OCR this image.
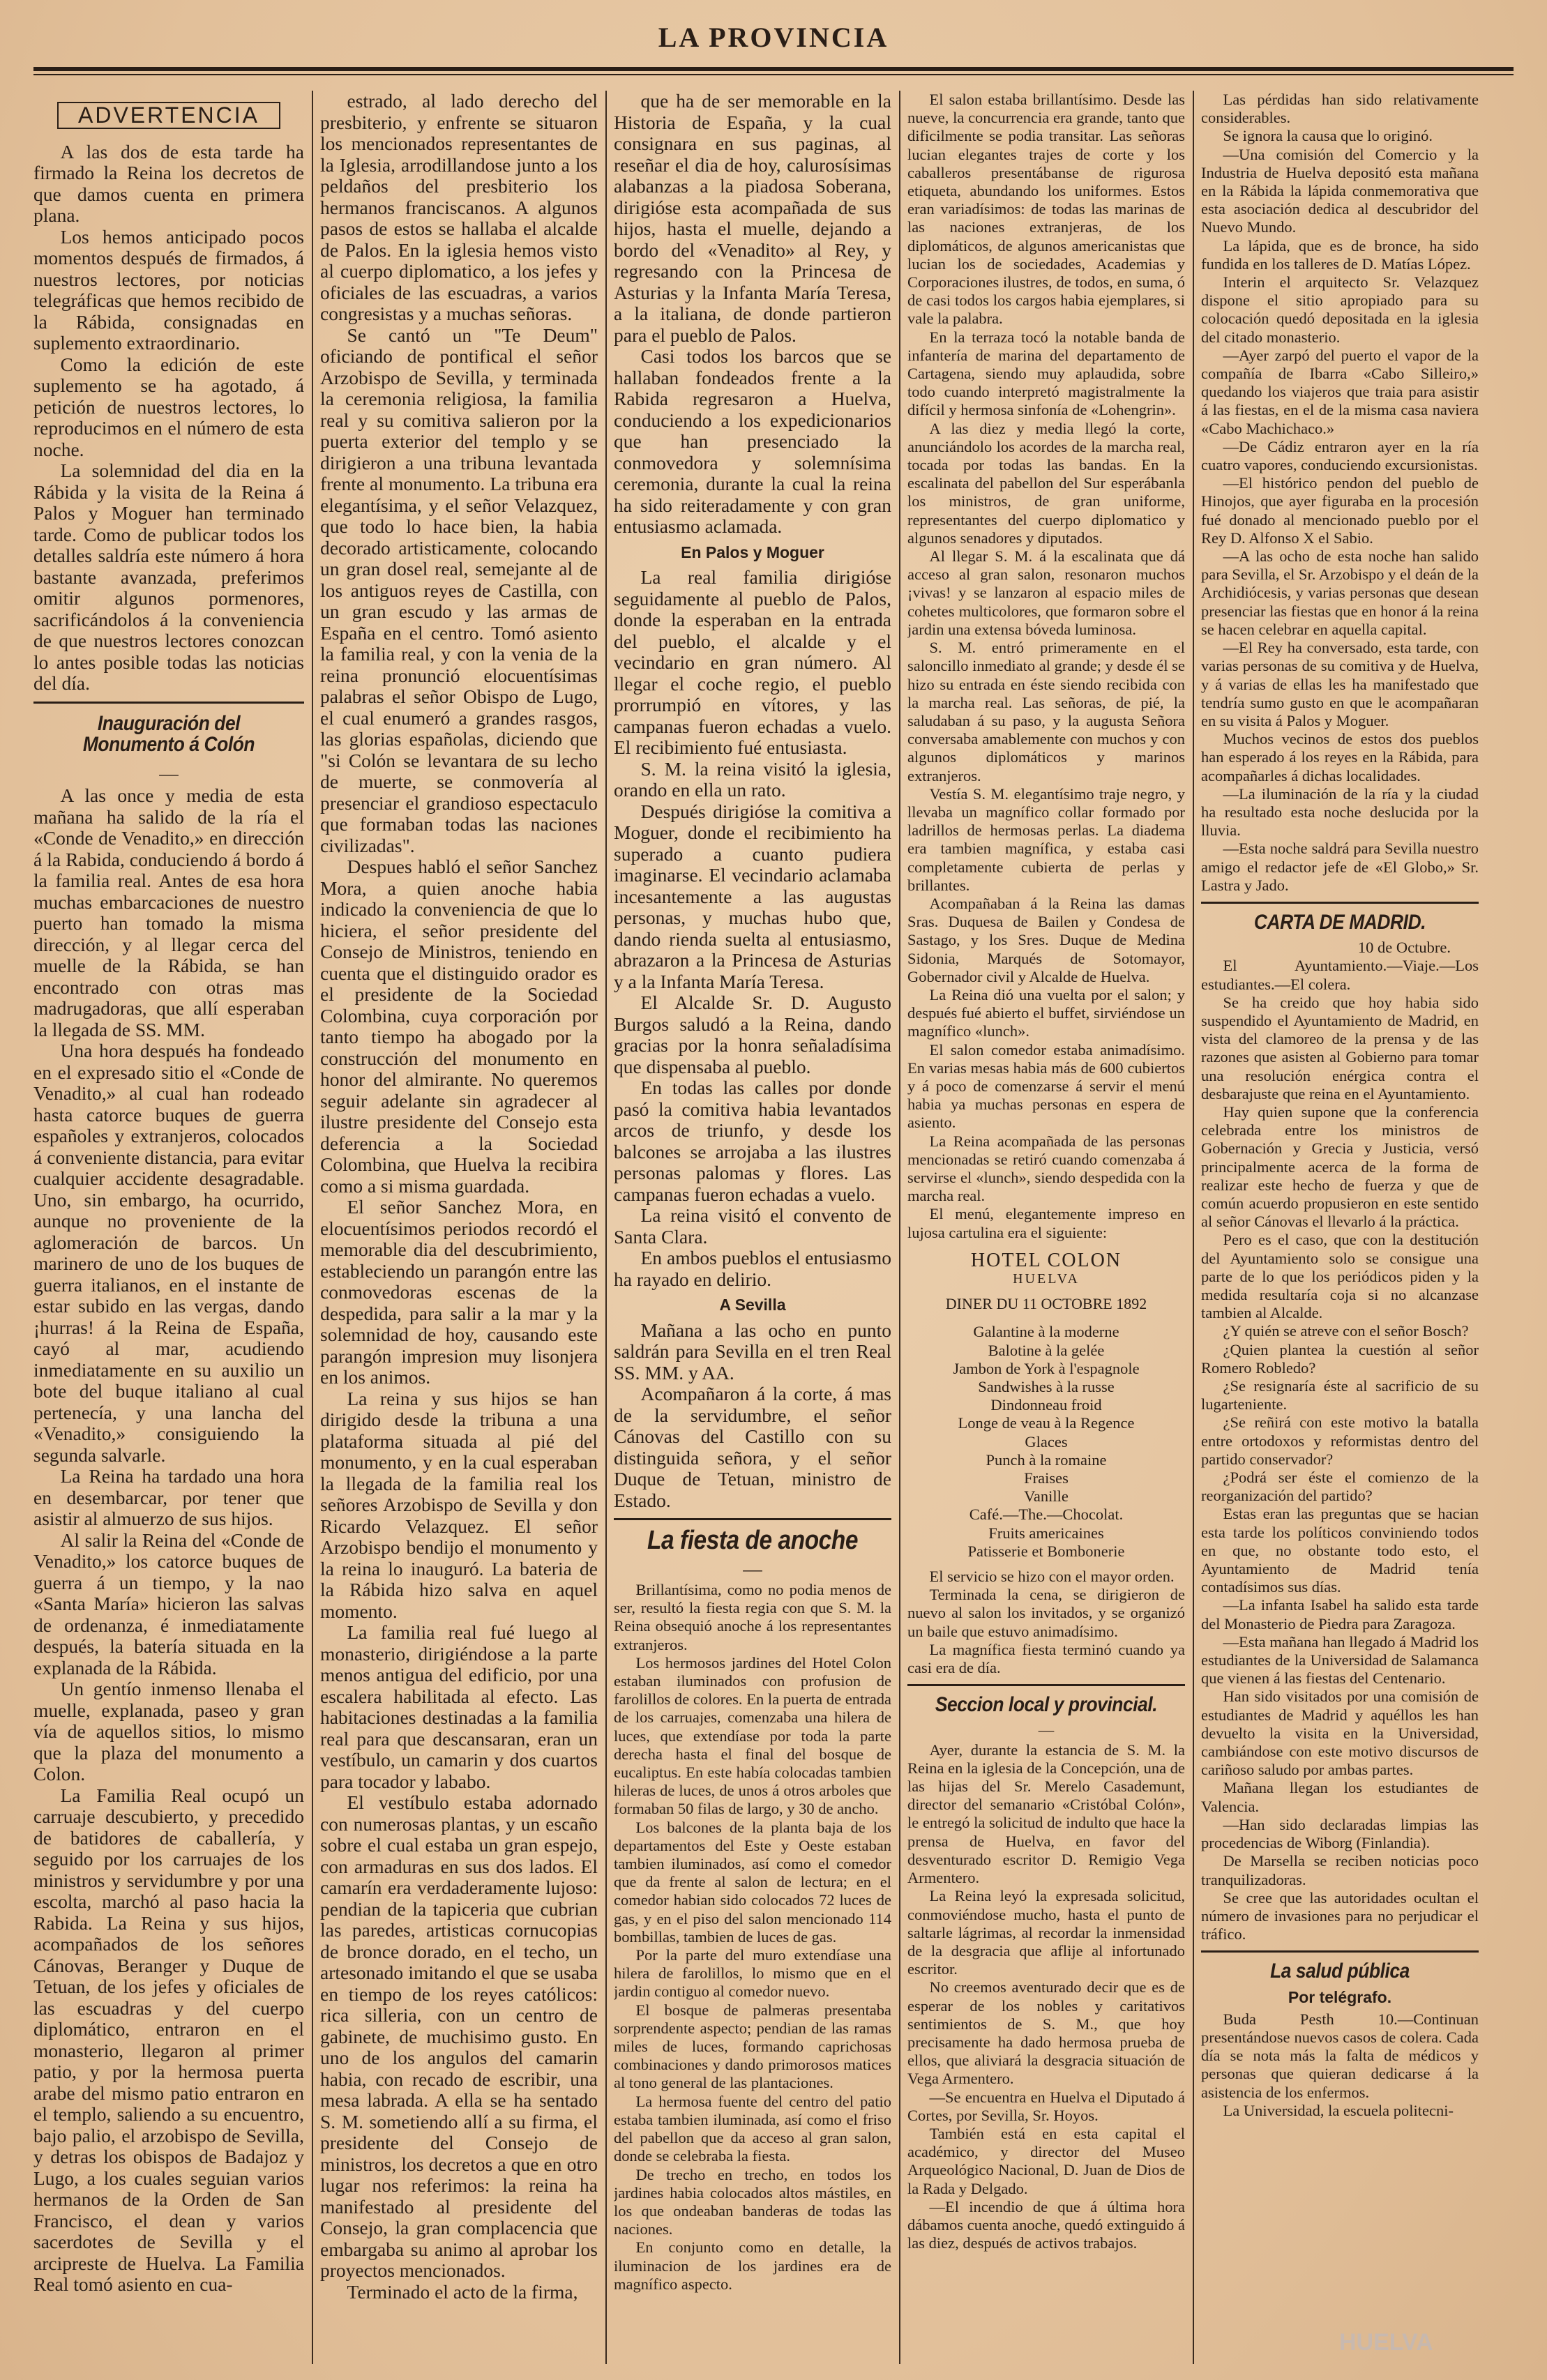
LA PROVINCIA
ADVERTENCIA

A las dos de esta tarde ha firmado la Reina los decretos de que damos cuenta en primera plana.

Los hemos anticipado pocos momentos después de firmados, á nuestros lectores, por noticias telegráficas que hemos recibido de la Rábida, consignadas en suplemento extraordinario.

Como la edición de este suplemento se ha agotado, á petición de nuestros lectores, lo reproducimos en el número de esta noche.

La solemnidad del dia en la Rábida y la visita de la Reina á Palos y Moguer han terminado tarde. Como de publicar todos los detalles saldría este número á hora bastante avanzada, preferimos omitir algunos pormenores, sacrificándolos á la conveniencia de que nuestros lectores conozcan lo antes posible todas las noticias del día.

Inauguración del Monumento á Colón
—

A las once y media de esta mañana ha salido de la ría el «Conde de Venadito,» en dirección á la Rabida, conduciendo á bordo á la familia real. Antes de esa hora muchas embarcaciones de nuestro puerto han tomado la misma dirección, y al llegar cerca del muelle de la Rábida, se han encontrado con otras mas madrugadoras, que allí esperaban la llegada de SS. MM.

Una hora después ha fondeado en el expresado sitio el «Conde de Venadito,» al cual han rodeado hasta catorce buques de guerra españoles y extranjeros, colocados á conveniente distancia, para evitar cualquier accidente desagradable. Uno, sin embargo, ha ocurrido, aunque no proveniente de la aglomeración de barcos. Un marinero de uno de los buques de guerra italianos, en el instante de estar subido en las vergas, dando ¡hurras! á la Reina de España, cayó al mar, acudiendo inmediatamente en su auxilio un bote del buque italiano al cual pertenecía, y una lancha del «Venadito,» consiguiendo la segunda salvarle.

La Reina ha tardado una hora en desembarcar, por tener que asistir al almuerzo de sus hijos.

Al salir la Reina del «Conde de Venadito,» los catorce buques de guerra á un tiempo, y la nao «Santa María» hicieron las salvas de ordenanza, é inmediatamente después, la batería situada en la explanada de la Rábida.

Un gentío inmenso llenaba el muelle, explanada, paseo y gran vía de aquellos sitios, lo mismo que la plaza del monumento a Colon.

La Familia Real ocupó un carruaje descubierto, y precedido de batidores de caballería, y seguido por los carruajes de los ministros y servidumbre y por una escolta, marchó al paso hacia la Rabida. La Reina y sus hijos, acompañados de los señores Cánovas, Beranger y Duque de Tetuan, de los jefes y oficiales de las escuadras y del cuerpo diplomático, entraron en el monasterio, llegaron al primer patio, y por la hermosa puerta arabe del mismo patio entraron en el templo, saliendo a su encuentro, bajo palio, el arzobispo de Sevilla, y detras los obispos de Badajoz y Lugo, a los cuales seguian varios hermanos de la Orden de San Francisco, el dean y varios sacerdotes de Sevilla y el arcipreste de Huelva. La Familia Real tomó asiento en cua-

estrado, al lado derecho del presbiterio, y enfrente se situaron los mencionados representantes de la Iglesia, arrodillandose junto a los peldaños del presbiterio los hermanos franciscanos. A algunos pasos de estos se hallaba el alcalde de Palos. En la iglesia hemos visto al cuerpo diplomatico, a los jefes y oficiales de las escuadras, a varios congresistas y a muchas señoras.

Se cantó un "Te Deum" oficiando de pontifical el señor Arzobispo de Sevilla, y terminada la ceremonia religiosa, la familia real y su comitiva salieron por la puerta exterior del templo y se dirigieron a una tribuna levantada frente al monumento. La tribuna era elegantísima, y el señor Velazquez, que todo lo hace bien, la habia decorado artisticamente, colocando un gran dosel real, semejante al de los antiguos reyes de Castilla, con un gran escudo y las armas de España en el centro. Tomó asiento la familia real, y con la venia de la reina pronunció elocuentísimas palabras el señor Obispo de Lugo, el cual enumeró a grandes rasgos, las glorias españolas, diciendo que "si Colón se levantara de su lecho de muerte, se conmovería al presenciar el grandioso espectaculo que formaban todas las naciones civilizadas".

Despues habló el señor Sanchez Mora, a quien anoche habia indicado la conveniencia de que lo hiciera, el señor presidente del Consejo de Ministros, teniendo en cuenta que el distinguido orador es el presidente de la Sociedad Colombina, cuya corporación por tanto tiempo ha abogado por la construcción del monumento en honor del almirante. No queremos seguir adelante sin agradecer al ilustre presidente del Consejo esta deferencia a la Sociedad Colombina, que Huelva la recibira como a si misma guardada.

El señor Sanchez Mora, en elocuentísimos periodos recordó el memorable dia del descubrimiento, estableciendo un parangón entre las conmovedoras escenas de la despedida, para salir a la mar y la solemnidad de hoy, causando este parangón impresion muy lisonjera en los animos.

La reina y sus hijos se han dirigido desde la tribuna a una plataforma situada al pié del monumento, y en la cual esperaban la llegada de la familia real los señores Arzobispo de Sevilla y don Ricardo Velazquez. El señor Arzobispo bendijo el monumento y la reina lo inauguró. La bateria de la Rábida hizo salva en aquel momento.

La familia real fué luego al monasterio, dirigiéndose a la parte menos antigua del edificio, por una escalera habilitada al efecto. Las habitaciones destinadas a la familia real para que descansaran, eran un vestíbulo, un camarin y dos cuartos para tocador y lababo.

El vestíbulo estaba adornado con numerosas plantas, y un escaño sobre el cual estaba un gran espejo, con armaduras en sus dos lados. El camarín era verdaderamente lujoso: pendian de la tapiceria que cubrian las paredes, artisticas cornucopias de bronce dorado, en el techo, un artesonado imitando el que se usaba en tiempo de los reyes católicos: rica silleria, con un centro de gabinete, de muchisimo gusto. En uno de los angulos del camarin habia, con recado de escribir, una mesa labrada. A ella se ha sentado S. M. sometiendo allí a su firma, el presidente del Consejo de ministros, los decretos a que en otro lugar nos referimos: la reina ha manifestado al presidente del Consejo, la gran complacencia que embargaba su animo al aprobar los proyectos mencionados.

Terminado el acto de la firma,

que ha de ser memorable en la Historia de España, y la cual consignara en sus paginas, al reseñar el dia de hoy, calurosísimas alabanzas a la piadosa Soberana, dirigióse esta acompañada de sus hijos, hasta el muelle, dejando a bordo del «Venadito» al Rey, y regresando con la Princesa de Asturias y la Infanta María Teresa, a la italiana, de donde partieron para el pueblo de Palos.

Casi todos los barcos que se hallaban fondeados frente a la Rabida regresaron a Huelva, conduciendo a los expedicionarios que han presenciado la conmovedora y solemnísima ceremonia, durante la cual la reina ha sido reiteradamente y con gran entusiasmo aclamada.

En Palos y Moguer

La real familia dirigióse seguidamente al pueblo de Palos, donde la esperaban en la entrada del pueblo, el alcalde y el vecindario en gran número. Al llegar el coche regio, el pueblo prorrumpió en vítores, y las campanas fueron echadas a vuelo. El recibimiento fué entusiasta.

S. M. la reina visitó la iglesia, orando en ella un rato.

Después dirigióse la comitiva a Moguer, donde el recibimiento ha superado a cuanto pudiera imaginarse. El vecindario aclamaba incesantemente a las augustas personas, y muchas hubo que, dando rienda suelta al entusiasmo, abrazaron a la Princesa de Asturias y a la Infanta María Teresa.

El Alcalde Sr. D. Augusto Burgos saludó a la Reina, dando gracias por la honra señaladísima que dispensaba al pueblo.

En todas las calles por donde pasó la comitiva habia levantados arcos de triunfo, y desde los balcones se arrojaba a las ilustres personas palomas y flores. Las campanas fueron echadas a vuelo.

La reina visitó el convento de Santa Clara.

En ambos pueblos el entusiasmo ha rayado en delirio.

A Sevilla

Mañana a las ocho en punto saldrán para Sevilla en el tren Real SS. MM. y AA.

Acompañaron á la corte, á mas de la servidumbre, el señor Cánovas del Castillo con su distinguida señora, y el señor Duque de Tetuan, ministro de Estado.

La fiesta de anoche
—

Brillantísima, como no podia menos de ser, resultó la fiesta regia con que S. M. la Reina obsequió anoche á los representantes extranjeros.

Los hermosos jardines del Hotel Colon estaban iluminados con profusion de farolillos de colores. En la puerta de entrada de los carruajes, comenzaba una hilera de luces, que extendíase por toda la parte derecha hasta el final del bosque de eucaliptus. En este había colocadas tambien hileras de luces, de unos á otros arboles que formaban 50 filas de largo, y 30 de ancho.

Los balcones de la planta baja de los departamentos del Este y Oeste estaban tambien iluminados, así como el comedor que da frente al salon de lectura; en el comedor habian sido colocados 72 luces de gas, y en el piso del salon mencionado 114 bombillas, tambien de luces de gas.

Por la parte del muro extendíase una hilera de farolillos, lo mismo que en el jardin contiguo al comedor nuevo.

El bosque de palmeras presentaba sorprendente aspecto; pendian de las ramas miles de luces, formando caprichosas combinaciones y dando primorosos matices al tono general de las plantaciones.

La hermosa fuente del centro del patio estaba tambien iluminada, así como el friso del pabellon que da acceso al gran salon, donde se celebraba la fiesta.

De trecho en trecho, en todos los jardines habia colocados altos mástiles, en los que ondeaban banderas de todas las naciones.

En conjunto como en detalle, la iluminacion de los jardines era de magnífico aspecto.

El salon estaba brillantísimo. Desde las nueve, la concurrencia era grande, tanto que dificilmente se podia transitar. Las señoras lucian elegantes trajes de corte y los caballeros presentábanse de rigurosa etiqueta, abundando los uniformes. Estos eran variadísimos: de todas las marinas de las naciones extranjeras, de los diplomáticos, de algunos americanistas que lucian los de sociedades, Academias y Corporaciones ilustres, de todos, en suma, ó de casi todos los cargos habia ejemplares, si vale la palabra.

En la terraza tocó la notable banda de infantería de marina del departamento de Cartagena, siendo muy aplaudida, sobre todo cuando interpretó magistralmente la difícil y hermosa sinfonía de «Lohengrin».

A las diez y media llegó la corte, anunciándolo los acordes de la marcha real, tocada por todas las bandas. En la escalinata del pabellon del Sur esperábanla los ministros, de gran uniforme, representantes del cuerpo diplomatico y algunos senadores y diputados.

Al llegar S. M. á la escalinata que dá acceso al gran salon, resonaron muchos ¡vivas! y se lanzaron al espacio miles de cohetes multicolores, que formaron sobre el jardin una extensa bóveda luminosa.

S. M. entró primeramente en el saloncillo inmediato al grande; y desde él se hizo su entrada en éste siendo recibida con la marcha real. Las señoras, de pié, la saludaban á su paso, y la augusta Señora conversaba amablemente con muchos y con algunos diplomáticos y marinos extranjeros.

Vestía S. M. elegantísimo traje negro, y llevaba un magnífico collar formado por ladrillos de hermosas perlas. La diadema era tambien magnífica, y estaba casi completamente cubierta de perlas y brillantes.

Acompañaban á la Reina las damas Sras. Duquesa de Bailen y Condesa de Sastago, y los Sres. Duque de Medina Sidonia, Marqués de Sotomayor, Gobernador civil y Alcalde de Huelva.

La Reina dió una vuelta por el salon; y después fué abierto el buffet, sirviéndose un magnífico «lunch».

El salon comedor estaba animadísimo. En varias mesas habia más de 600 cubiertos y á poco de comenzarse á servir el menú habia ya muchas personas en espera de asiento.

La Reina acompañada de las personas mencionadas se retiró cuando comenzaba á servirse el «lunch», siendo despedida con la marcha real.

El menú, elegantemente impreso en lujosa cartulina era el siguiente:

HOTEL COLON
HUELVA
DINER DU 11 OCTOBRE 1892
Galantine à la moderne
Balotine à la gelée
Jambon de York à l'espagnole
Sandwishes à la russe
Dindonneau froid
Longe de veau à la Regence
Glaces
Punch à la romaine
Fraises
Vanille
Café.—The.—Chocolat.
Fruits americaines
Patisserie et Bombonerie

El servicio se hizo con el mayor orden.

Terminada la cena, se dirigieron de nuevo al salon los invitados, y se organizó un baile que estuvo animadísimo.

La magnífica fiesta terminó cuando ya casi era de día.

Seccion local y provincial.
—

Ayer, durante la estancia de S. M. la Reina en la iglesia de la Concepción, una de las hijas del Sr. Merelo Casademunt, director del semanario «Cristóbal Colón», le entregó la solicitud de indulto que hace la prensa de Huelva, en favor del desventurado escritor D. Remigio Vega Armentero.

La Reina leyó la expresada solicitud, conmoviéndose mucho, hasta el punto de saltarle lágrimas, al recordar la inmensidad de la desgracia que aflije al infortunado escritor.

No creemos aventurado decir que es de esperar de los nobles y caritativos sentimientos de S. M., que hoy precisamente ha dado hermosa prueba de ellos, que aliviará la desgracia situación de Vega Armentero.

—Se encuentra en Huelva el Diputado á Cortes, por Sevilla, Sr. Hoyos.

También está en esta capital el académico, y director del Museo Arqueológico Nacional, D. Juan de Dios de la Rada y Delgado.

—El incendio de que á última hora dábamos cuenta anoche, quedó extinguido á las diez, después de activos trabajos.

Las pérdidas han sido relativamente considerables.

Se ignora la causa que lo originó.

—Una comisión del Comercio y la Industria de Huelva depositó esta mañana en la Rábida la lápida conmemorativa que esta asociación dedica al descubridor del Nuevo Mundo.

La lápida, que es de bronce, ha sido fundida en los talleres de D. Matías López.

Interin el arquitecto Sr. Velazquez dispone el sitio apropiado para su colocación quedó depositada en la iglesia del citado monasterio.

—Ayer zarpó del puerto el vapor de la compañía de Ibarra «Cabo Silleiro,» quedando los viajeros que traia para asistir á las fiestas, en el de la misma casa naviera «Cabo Machichaco.»

—De Cádiz entraron ayer en la ría cuatro vapores, conduciendo excursionistas.

—El histórico pendon del pueblo de Hinojos, que ayer figuraba en la procesión fué donado al mencionado pueblo por el Rey D. Alfonso X el Sabio.

—A las ocho de esta noche han salido para Sevilla, el Sr. Arzobispo y el deán de la Archidiócesis, y varias personas que desean presenciar las fiestas que en honor á la reina se hacen celebrar en aquella capital.

—El Rey ha conversado, esta tarde, con varias personas de su comitiva y de Huelva, y á varias de ellas les ha manifestado que tendría sumo gusto en que le acompañaran en su visita á Palos y Moguer.

Muchos vecinos de estos dos pueblos han esperado á los reyes en la Rábida, para acompañarles á dichas localidades.

—La iluminación de la ría y la ciudad ha resultado esta noche deslucida por la lluvia.

—Esta noche saldrá para Sevilla nuestro amigo el redactor jefe de «El Globo,» Sr. Lastra y Jado.

CARTA DE MADRID.
10 de Octubre.

El Ayuntamiento.—Viaje.—Los estudiantes.—El colera.

Se ha creido que hoy habia sido suspendido el Ayuntamiento de Madrid, en vista del clamoreo de la prensa y de las razones que asisten al Gobierno para tomar una resolución enérgica contra el desbarajuste que reina en el Ayuntamiento.

Hay quien supone que la conferencia celebrada entre los ministros de Gobernación y Grecia y Justicia, versó principalmente acerca de la forma de realizar este hecho de fuerza y que de común acuerdo propusieron en este sentido al señor Cánovas el llevarlo á la práctica.

Pero es el caso, que con la destitución del Ayuntamiento solo se consigue una parte de lo que los periódicos piden y la medida resultaría coja si no alcanzase tambien al Alcalde.

¿Y quién se atreve con el señor Bosch?

¿Quien plantea la cuestión al señor Romero Robledo?

¿Se resignaría éste al sacrificio de su lugarteniente.

¿Se reñirá con este motivo la batalla entre ortodoxos y reformistas dentro del partido conservador?

¿Podrá ser éste el comienzo de la reorganización del partido?

Estas eran las preguntas que se hacian esta tarde los políticos conviniendo todos en que, no obstante todo esto, el Ayuntamiento de Madrid tenía contadísimos sus días.

—La infanta Isabel ha salido esta tarde del Monasterio de Piedra para Zaragoza.

—Esta mañana han llegado á Madrid los estudiantes de la Universidad de Salamanca que vienen á las fiestas del Centenario.

Han sido visitados por una comisión de estudiantes de Madrid y aquéllos les han devuelto la visita en la Universidad, cambiándose con este motivo discursos de cariñoso saludo por ambas partes.

Mañana llegan los estudiantes de Valencia.

—Han sido declaradas limpias las procedencias de Wiborg (Finlandia).

De Marsella se reciben noticias poco tranquilizadoras.

Se cree que las autoridades ocultan el número de invasiones para no perjudicar el tráfico.

La salud pública
Por telégrafo.

Buda Pesth 10.—Continuan presentándose nuevos casos de colera. Cada día se nota más la falta de médicos y personas que quieran dedicarse á la asistencia de los enfermos.

La Universidad, la escuela politecni-

HUELVA
